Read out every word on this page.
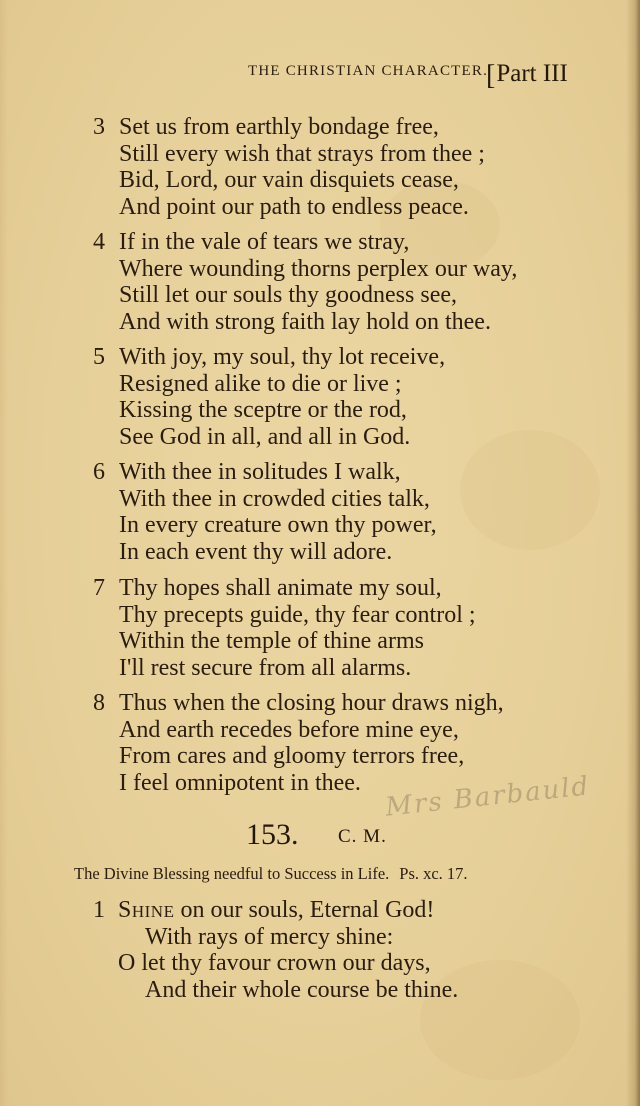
THE CHRISTIAN CHARACTER.
[Part III
3 Set us from earthly bondage free,
Still every wish that strays from thee ;
Bid, Lord, our vain disquiets cease,
And point our path to endless peace.
4 If in the vale of tears we stray,
Where wounding thorns perplex our way,
Still let our souls thy goodness see,
And with strong faith lay hold on thee.
5 With joy, my soul, thy lot receive,
Resigned alike to die or live ;
Kissing the sceptre or the rod,
See God in all, and all in God.
6 With thee in solitudes I walk,
With thee in crowded cities talk,
In every creature own thy power,
In each event thy will adore.
7 Thy hopes shall animate my soul,
Thy precepts guide, thy fear control ;
Within the temple of thine arms
I'll rest secure from all alarms.
8 Thus when the closing hour draws nigh,
And earth recedes before mine eye,
From cares and gloomy terrors free,
I feel omnipotent in thee. Mrs Barbauld
153. C. M.
The Divine Blessing needful to Success in Life. Ps. xc. 17.
1 Shine on our souls, Eternal God!
With rays of mercy shine:
O let thy favour crown our days,
And their whole course be thine.
